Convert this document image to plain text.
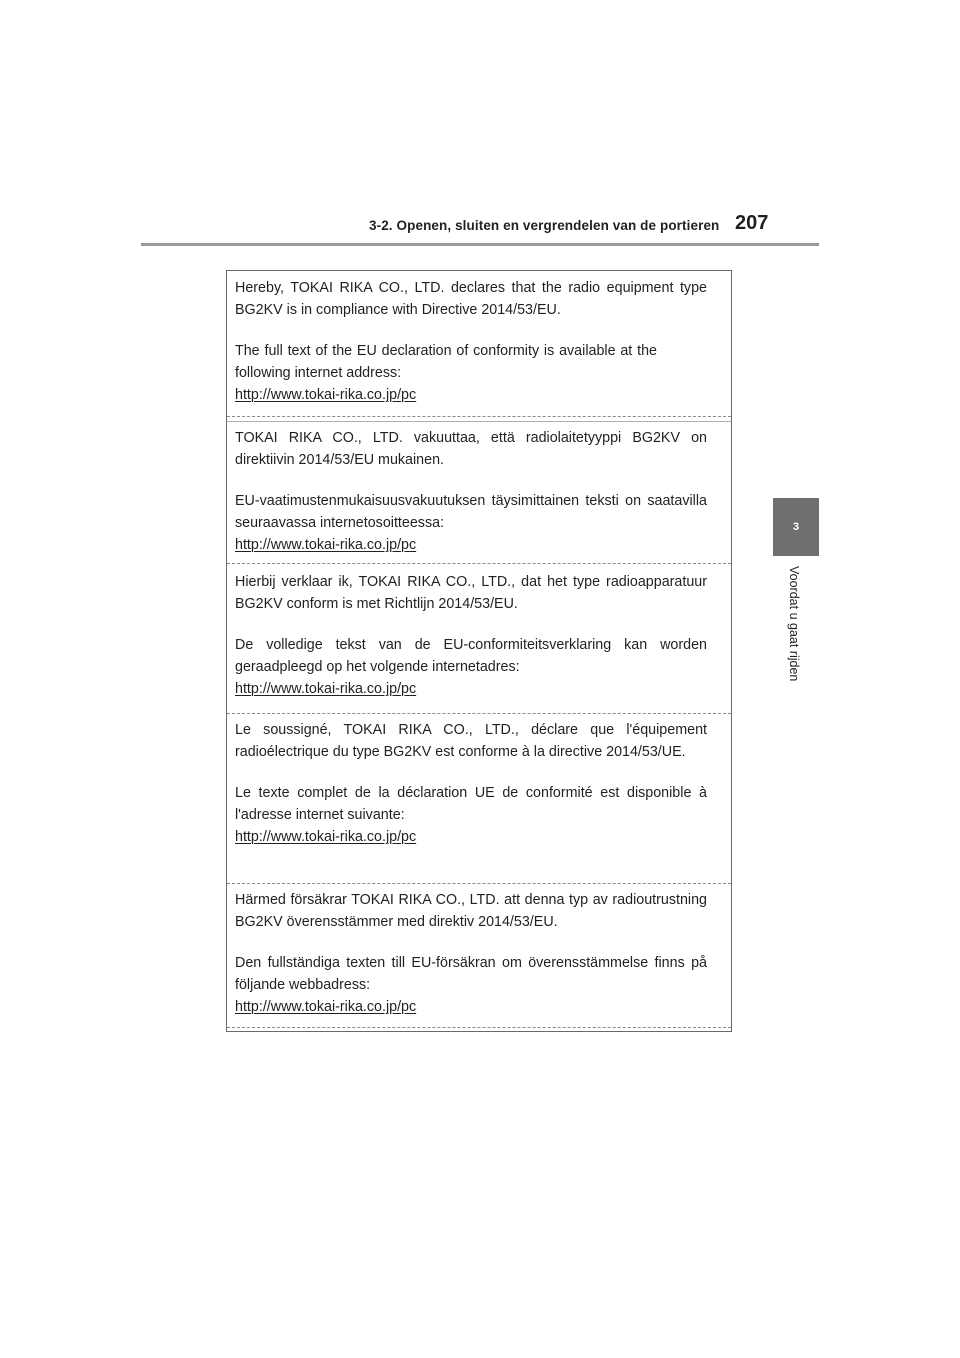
3-2. Openen, sluiten en vergrendelen van de portieren 207
3
Voordat u gaat rijden

Hereby, TOKAI RIKA CO., LTD. declares that the radio equipment type BG2KV is in compliance with Directive 2014/53/EU.

The full text of the EU declaration of conformity is available at the following internet address:

http://www.tokai-rika.co.jp/pc

TOKAI RIKA CO., LTD. vakuuttaa, että radiolaitetyyppi BG2KV on direktiivin 2014/53/EU mukainen.

EU-vaatimustenmukaisuusvakuutuksen täysimittainen teksti on saatavilla seuraavassa internetosoitteessa:

http://www.tokai-rika.co.jp/pc

Hierbij verklaar ik, TOKAI RIKA CO., LTD., dat het type radioapparatuur BG2KV conform is met Richtlijn 2014/53/EU.

De volledige tekst van de EU-conformiteitsverklaring kan worden geraadpleegd op het volgende internetadres:

http://www.tokai-rika.co.jp/pc

Le soussigné, TOKAI RIKA CO., LTD., déclare que l'équipement radioélectrique du type BG2KV est conforme à la directive 2014/53/UE.

Le texte complet de la déclaration UE de conformité est disponible à l'adresse internet suivante:

http://www.tokai-rika.co.jp/pc

Härmed försäkrar TOKAI RIKA CO., LTD. att denna typ av radioutrustning BG2KV överensstämmer med direktiv 2014/53/EU.

Den fullständiga texten till EU-försäkran om överensstämmelse finns på följande webbadress:

http://www.tokai-rika.co.jp/pc
